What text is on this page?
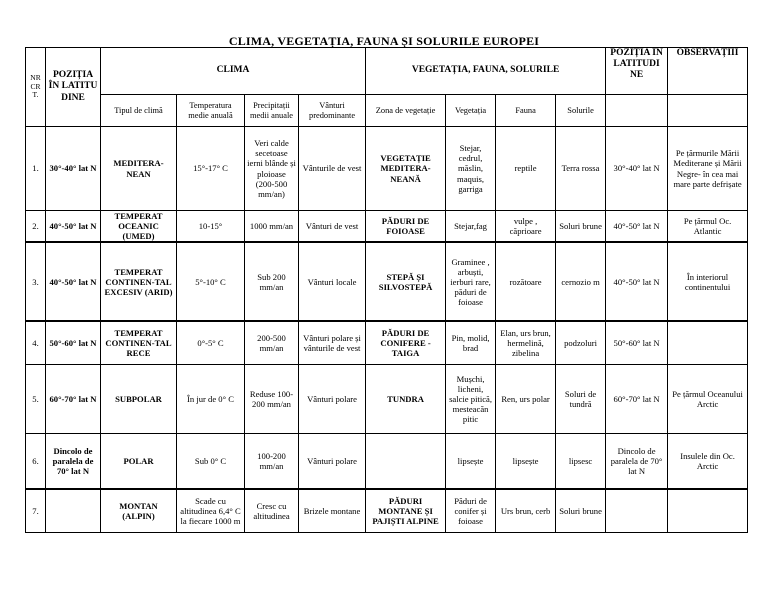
CLIMA, VEGETAȚIA, FAUNA ȘI SOLURILE EUROPEI
NR CR T.	POZIȚIA ÎN LATITU DINE	CLIMA				VEGETAȚIA, FAUNA, SOLURILE				POZIȚIA ÎN LATITUDI NE	OBSERVAȚIII
		Tipul de climă	Temperatura medie anuală	Precipitații medii anuale	Vânturi predominante	Zona de vegetație	Vegetația	Fauna	Solurile		
1.	30°-40° lat N	MEDITERA-NEAN	15°-17° C	Veri calde secetoase ierni blânde și ploioase (200-500 mm/an)	Vânturile de vest	VEGETAȚIE MEDITERA-NEANĂ	Stejar, cedrul, măslin, maquis, garriga	reptile	Terra rossa	30°-40° lat N	Pe țărmurile Mării Mediterane și Mării Negre- în cea mai mare parte defrișate
2.	40°-50° lat N	TEMPERAT OCEANIC (UMED)	10-15°	1000 mm/an	Vânturi de vest	PĂDURI DE FOIOASE	Stejar,fag	vulpe , căprioare	Soluri brune	40°-50° lat N	Pe țărmul Oc. Atlantic
3.	40°-50° lat N	TEMPERAT CONTINEN-TAL EXCESIV (ARID)	5°-10° C	Sub 200 mm/an	Vânturi locale	STEPĂ ȘI SILVOSTEPĂ	Graminee , arbuști, ierburi rare, păduri de foioase	rozătoare	cernozio m	40°-50° lat N	În interiorul continentului
4.	50°-60° lat N	TEMPERAT CONTINEN-TAL RECE	0°-5° C	200-500 mm/an	Vânturi polare și vânturile de vest	PĂDURI DE CONIFERE - TAIGA	Pin, molid, brad	Elan, urs brun, hermelină, zibelina	podzoluri	50°-60° lat N	
5.	60°-70° lat N	SUBPOLAR	În jur de 0° C	Reduse 100- 200 mm/an	Vânturi polare	TUNDRA	Mușchi, licheni, salcie pitică, mesteacăn pitic	Ren, urs polar	Soluri de tundră	60°-70° lat N	Pe țărmul Oceanului Arctic
6.	Dincolo de paralela de 70° lat N	POLAR	Sub 0° C	100-200 mm/an	Vânturi polare		lipsește	lipsește	lipsesc	Dincolo de paralela de 70° lat N	Insulele din Oc. Arctic
7.		MONTAN (ALPIN)	Scade cu altitudinea 6,4° C la fiecare 1000 m	Cresc cu altitudinea	Brizele montane	PĂDURI MONTANE ȘI PAJIȘTI ALPINE	Păduri de conifer și foioase	Urs brun, cerb	Soluri brune		
